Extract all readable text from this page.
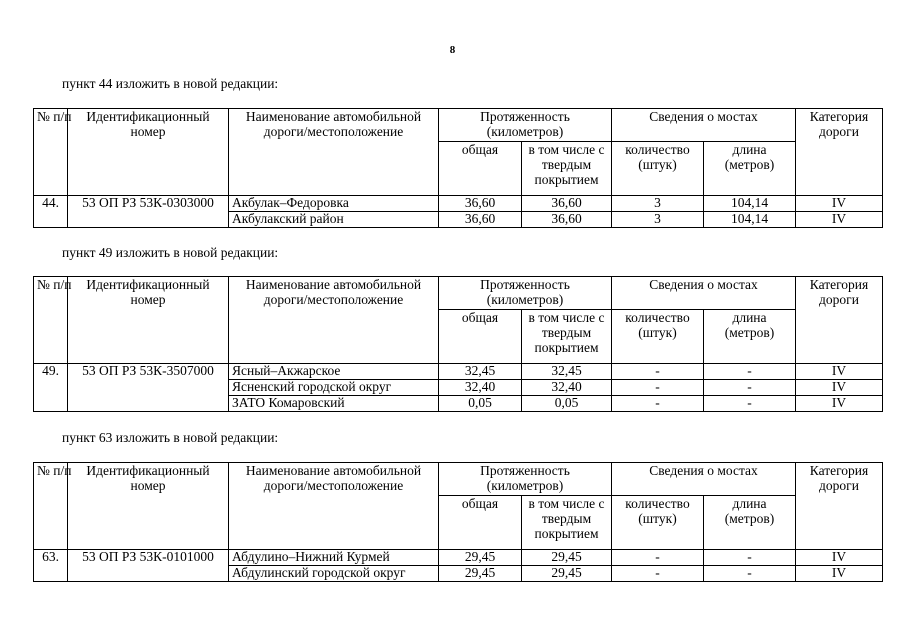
8
пункт 44 изложить в новой редакции:
№ п/п	Идентификационный номер	Наименование автомобильной дороги/местоположение	Протяженность (километров)		Сведения о мостах		Категория дороги
			общая	в том числе с твердым покрытием	количество (штук)	длина (метров)	
44.	53 ОП РЗ 53К-0303000	Акбулак–Федоровка	36,60	36,60	3	104,14	IV
		Акбулакский район	36,60	36,60	3	104,14	IV
пункт 49 изложить в новой редакции:
№ п/п	Идентификационный номер	Наименование автомобильной дороги/местоположение	Протяженность (километров)		Сведения о мостах		Категория дороги
			общая	в том числе с твердым покрытием	количество (штук)	длина (метров)	
49.	53 ОП РЗ 53К-3507000	Ясный–Акжарское	32,45	32,45	-	-	IV
		Ясненский городской округ	32,40	32,40	-	-	IV
		ЗАТО Комаровский	0,05	0,05	-	-	IV
пункт 63 изложить в новой редакции:
№ п/п	Идентификационный номер	Наименование автомобильной дороги/местоположение	Протяженность (километров)		Сведения о мостах		Категория дороги
			общая	в том числе с твердым покрытием	количество (штук)	длина (метров)	
63.	53 ОП РЗ 53К-0101000	Абдулино–Нижний Курмей	29,45	29,45	-	-	IV
		Абдулинский городской округ	29,45	29,45	-	-	IV
